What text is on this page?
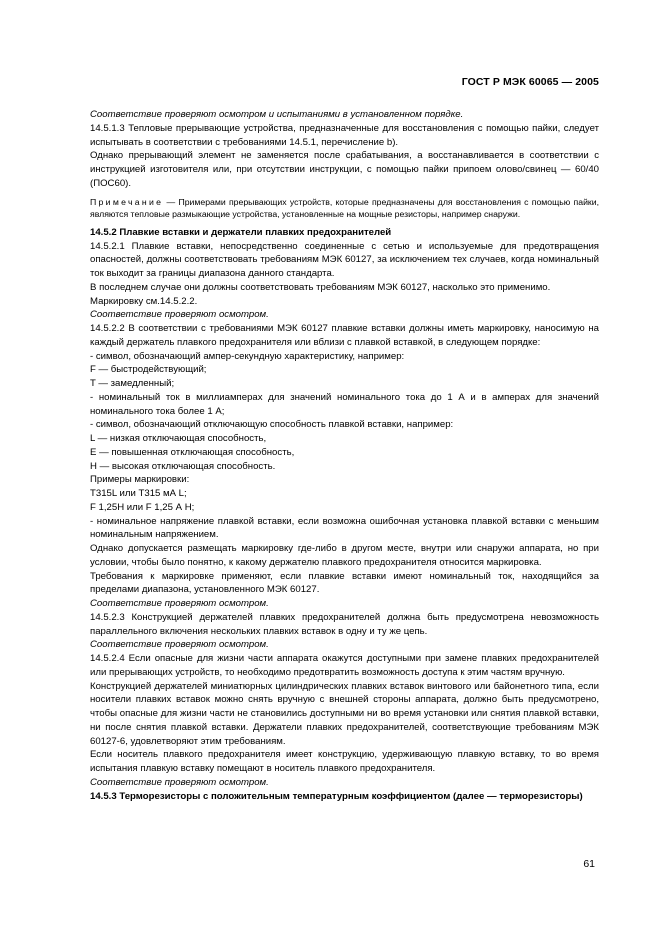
ГОСТ Р МЭК 60065 — 2005

Соответствие проверяют осмотром и испытаниями в установленном порядке.

14.5.1.3 Тепловые прерывающие устройства, предназначенные для восстановления с помощью пайки, следует испытывать в соответствии с требованиями 14.5.1, перечисление b).

Однако прерывающий элемент не заменяется после срабатывания, а восстанавливается в соответствии с инструкцией изготовителя или, при отсутствии инструкции, с помощью пайки припоем олово/свинец — 60/40 (ПОС60).

Примечание — Примерами прерывающих устройств, которые предназначены для восстановления с помощью пайки, являются тепловые размыкающие устройства, установленные на мощные резисторы, например снаружи.

14.5.2 Плавкие вставки и держатели плавких предохранителей

14.5.2.1 Плавкие вставки, непосредственно соединенные с сетью и используемые для предотвращения опасностей, должны соответствовать требованиям МЭК 60127, за исключением тех случаев, когда номинальный ток выходит за границы диапазона данного стандарта.

В последнем случае они должны соответствовать требованиям МЭК 60127, насколько это применимо.

Маркировку см.14.5.2.2.

Соответствие проверяют осмотром.

14.5.2.2 В соответствии с требованиями МЭК 60127 плавкие вставки должны иметь маркировку, наносимую на каждый держатель плавкого предохранителя или вблизи с плавкой вставкой, в следующем порядке:

- символ, обозначающий ампер-секундную характеристику, например:

F — быстродействующий;

T — замедленный;

- номинальный ток в миллиамперах для значений номинального тока до 1 А и в амперах для значений номинального тока более 1 А;

- символ, обозначающий отключающую способность плавкой вставки, например:

L — низкая отключающая способность,

E — повышенная отключающая способность,

H — высокая отключающая способность.

Примеры маркировки:

T315L или T315 мА L;

F 1,25H или F 1,25 А H;

- номинальное напряжение плавкой вставки, если возможна ошибочная установка плавкой вставки с меньшим номинальным напряжением.

Однако допускается размещать маркировку где-либо в другом месте, внутри или снаружи аппарата, но при условии, чтобы было понятно, к какому держателю плавкого предохранителя относится маркировка.

Требования к маркировке применяют, если плавкие вставки имеют номинальный ток, находящийся за пределами диапазона, установленного МЭК 60127.

Соответствие проверяют осмотром.

14.5.2.3 Конструкцией держателей плавких предохранителей должна быть предусмотрена невозможность параллельного включения нескольких плавких вставок в одну и ту же цепь.

Соответствие проверяют осмотром.

14.5.2.4 Если опасные для жизни части аппарата окажутся доступными при замене плавких предохранителей или прерывающих устройств, то необходимо предотвратить возможность доступа к этим частям вручную.

Конструкцией держателей миниатюрных цилиндрических плавких вставок винтового или байонетного типа, если носители плавких вставок можно снять вручную с внешней стороны аппарата, должно быть предусмотрено, чтобы опасные для жизни части не становились доступными ни во время установки или снятия плавкой вставки, ни после снятия плавкой вставки. Держатели плавких предохранителей, соответствующие требованиям МЭК 60127-6, удовлетворяют этим требованиям.

Если носитель плавкого предохранителя имеет конструкцию, удерживающую плавкую вставку, то во время испытания плавкую вставку помещают в носитель плавкого предохранителя.

Соответствие проверяют осмотром.

14.5.3 Терморезисторы с положительным температурным коэффициентом (далее — терморезисторы)

61
